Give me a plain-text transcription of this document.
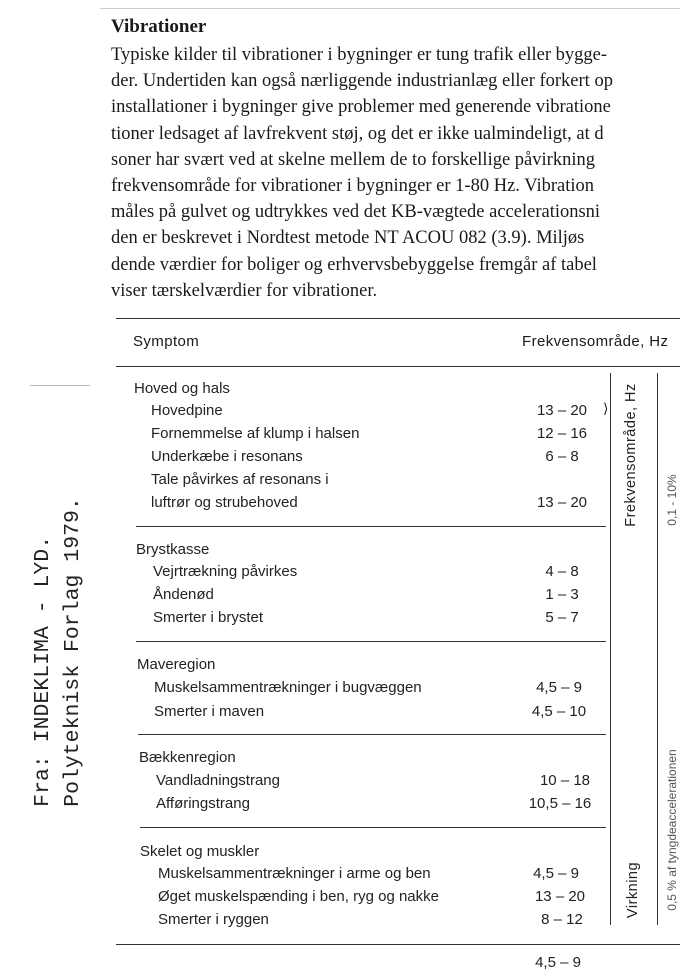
Vibrationer
Typiske kilder til vibrationer i bygninger er tung trafik eller bygge-
der. Undertiden kan også nærliggende industrianlæg eller forkert op
installationer i bygninger give problemer med generende vibratione
tioner ledsaget af lavfrekvent støj, og det er ikke ualmindeligt, at d
soner har svært ved at skelne mellem de to forskellige påvirkning
frekvensområde for vibrationer i bygninger er 1-80 Hz. Vibration
måles på gulvet og udtrykkes ved det KB-vægtede accelerationsni
den er beskrevet i Nordtest metode NT ACOU 082 (3.9). Miljøs
dende værdier for boliger og erhvervsbebyggelse fremgår af tabel
viser tærskelværdier for vibrationer.
Fra: INDEKLIMA - LYD. Polyteknisk Forlag 1979.
Symptom	Frekvensområde, Hz
Frekvensområde, Hz
Virkning
0,1 - 10%
0,5 % af tyngdeaccelerationen
Hoved og hals
Hovedpine	13 – 20	⟩
Fornemmelse af klump i halsen	12 – 16
Underkæbe i resonans	6 – 8
Tale påvirkes af resonans i
luftrør og strubehoved	13 – 20
Brystkasse
Vejrtrækning påvirkes	4 – 8
Åndenød	1 – 3
Smerter i brystet	5 – 7
Maveregion
Muskelsammentrækninger i bugvæggen	4,5 – 9
Smerter i maven	4,5 – 10
Bækkenregion
Vandladningstrang	10 – 18
Afføringstrang	10,5 – 16
Skelet og muskler
Muskelsammentrækninger i arme og ben	4,5 – 9
Øget muskelspænding i ben, ryg og nakke	13 – 20
Smerter i ryggen	8 – 12
4,5 – 9
